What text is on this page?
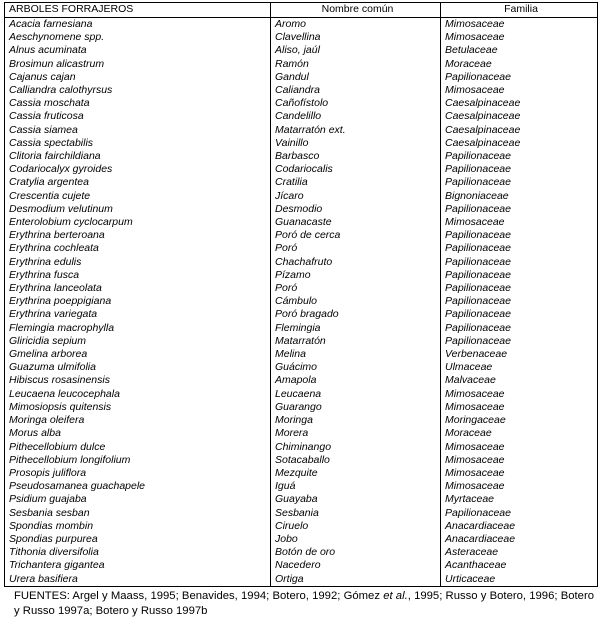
ARBOLES FORRAJEROS	Nombre común	Familia
Acacia farnesiana	Aromo	Mimosaceae
Aeschynomene spp.	Clavellina	Mimosaceae
Alnus acuminata	Aliso, jaúl	Betulaceae
Brosimun alicastrum	Ramón	Moraceae
Cajanus cajan	Gandul	Papilionaceae
Calliandra calothyrsus	Caliandra	Mimosaceae
Cassia moschata	Cañofístolo	Caesalpinaceae
Cassia fruticosa	Candelillo	Caesalpinaceae
Cassia siamea	Matarratón ext.	Caesalpinaceae
Cassia spectabilis	Vainillo	Caesalpinaceae
Clitoria fairchildiana	Barbasco	Papilionaceae
Codariocalyx gyroides	Codariocalis	Papilionaceae
Cratylia argentea	Cratilia	Papilionaceae
Crescentia cujete	Jícaro	Bignoniaceae
Desmodium velutinum	Desmodio	Papilionaceae
Enterolobium cyclocarpum	Guanacaste	Mimosaceae
Erythrina berteroana	Poró de cerca	Papilionaceae
Erythrina cochleata	Poró	Papilionaceae
Erythrina edulis	Chachafruto	Papilionaceae
Erythrina fusca	Pízamo	Papilionaceae
Erythrina lanceolata	Poró	Papilionaceae
Erythrina poeppigiana	Cámbulo	Papilionaceae
Erythrina variegata	Poró bragado	Papilionaceae
Flemingia macrophylla	Flemingia	Papilionaceae
Gliricidia sepium	Matarratón	Papilionaceae
Gmelina arborea	Melina	Verbenaceae
Guazuma ulmifolia	Guácimo	Ulmaceae
Hibiscus rosasinensis	Amapola	Malvaceae
Leucaena leucocephala	Leucaena	Mimosaceae
Mimosiopsis quitensis	Guarango	Mimosaceae
Moringa oleifera	Moringa	Moringaceae
Morus alba	Morera	Moraceae
Pithecellobium dulce	Chiminango	Mimosaceae
Pithecellobium longifolium	Sotacaballo	Mimosaceae
Prosopis juliflora	Mezquite	Mimosaceae
Pseudosamanea guachapele	Iguá	Mimosaceae
Psidium guajaba	Guayaba	Myrtaceae
Sesbania sesban	Sesbania	Papilionaceae
Spondias mombin	Ciruelo	Anacardiaceae
Spondias purpurea	Jobo	Anacardiaceae
Tithonia diversifolia	Botón de oro	Asteraceae
Trichantera gigantea	Nacedero	Acanthaceae
Urera basifiera	Ortiga	Urticaceae
FUENTES: Argel y Maass, 1995; Benavides, 1994; Botero, 1992; Gómez et al., 1995; Russo y Botero, 1996; Botero y Russo 1997a; Botero y Russo 1997b
